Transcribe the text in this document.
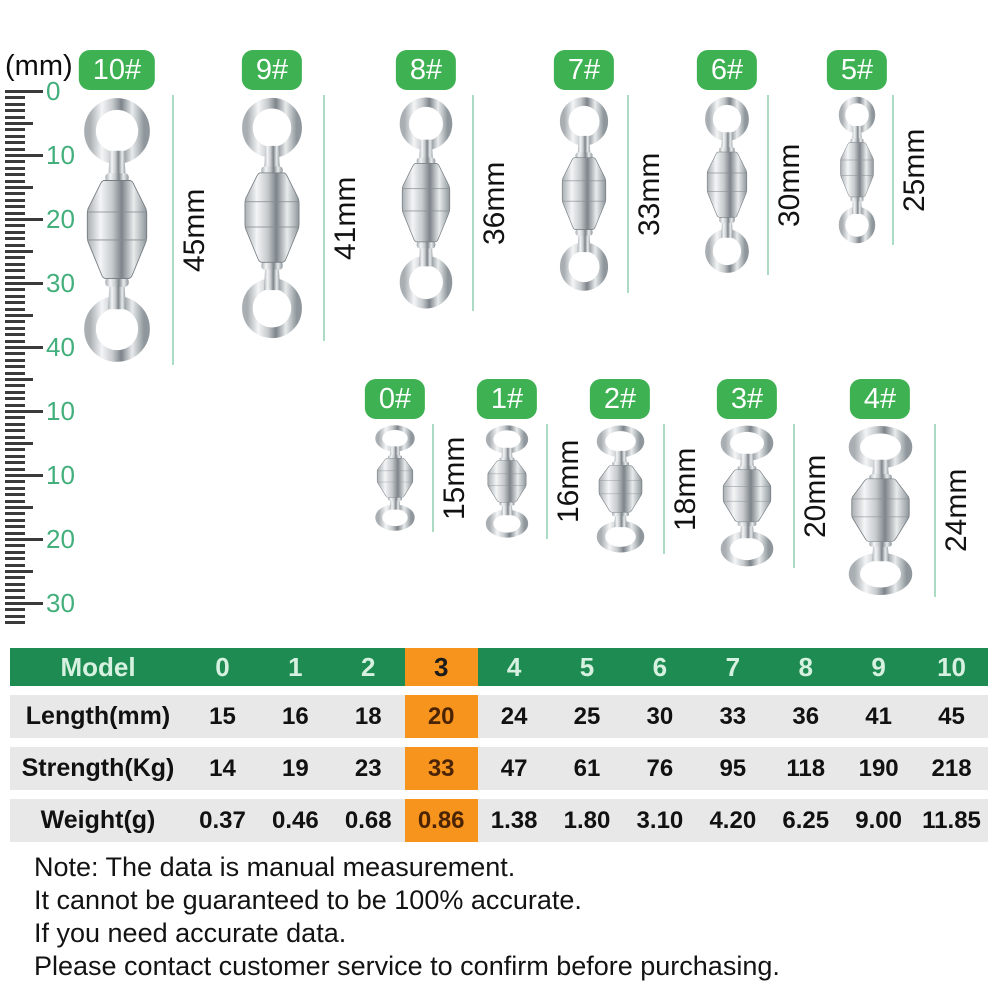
(mm)
0
10
20
30
40
10
10
20
30
10#
45mm
9#
41mm
8#
36mm
7#
33mm
6#
30mm
5#
25mm
0#
15mm
1#
16mm
2#
18mm
3#
20mm
4#
24mm
Model	0	1	2	3	4	5	6	7	8	9	10
Length(mm)	15	16	18	20	24	25	30	33	36	41	45
Strength(Kg)	14	19	23	33	47	61	76	95	118	190	218
Weight(g)	0.37	0.46	0.68	0.86	1.38	1.80	3.10	4.20	6.25	9.00 11.85
Note: The data is manual measurement.
It cannot be guaranteed to be 100% accurate.
If you need accurate data.
Please contact customer service to confirm before purchasing.
